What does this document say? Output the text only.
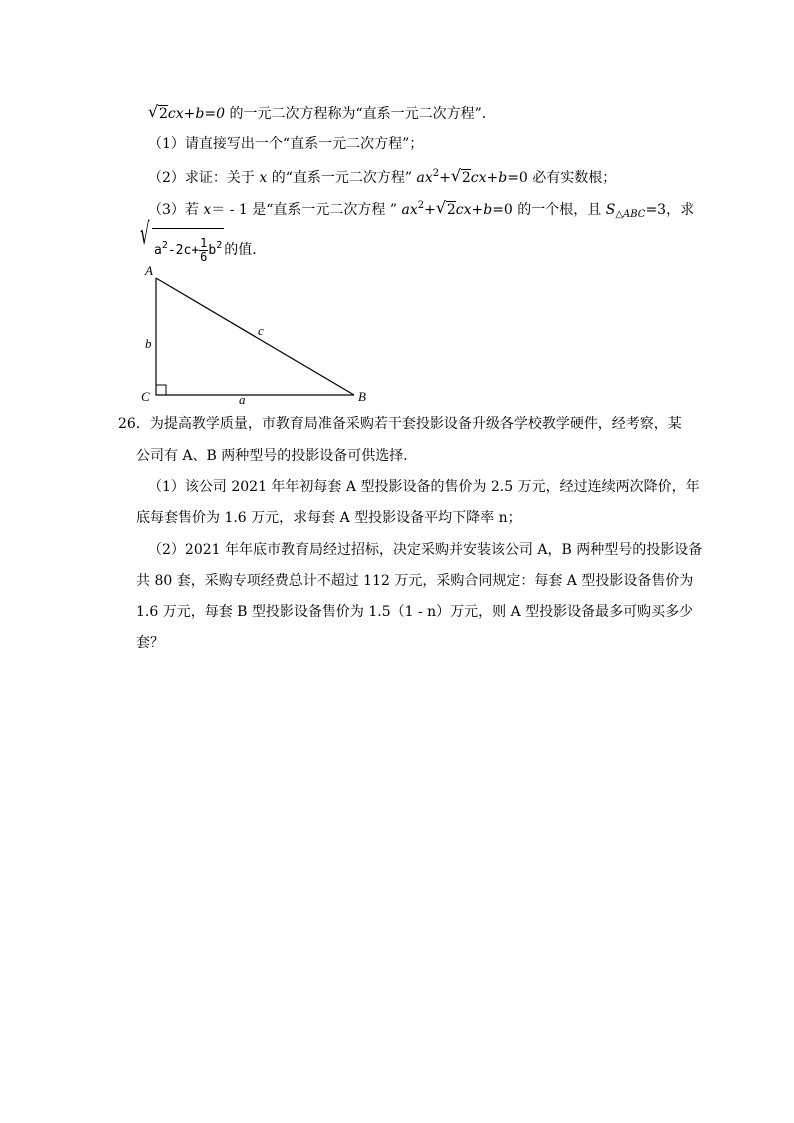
√ 2cx+b=0 的一元二次方程称为“直系一元二次方程”．
（1）请直接写出一个“直系一元二次方程”；
（2）求证：关于 x 的“直系一元二次方程” $ax^2+$ √ 2cx+b=0 必有实数根；
（3）若 x＝ - 1 是“直系一元二次方程 ” $ax^2+$ √ 2cx+b=0 的一个根，且 $S_{\triangle ABC}=3$，求
√ $a^2-2c+ \frac{1}{6} b^2$ 的值．
A
B
C	a
b
c
26．为提高教学质量，市教育局准备采购若干套投影设备升级各学校教学硬件，经考察，某
公司有 A、B 两种型号的投影设备可供选择．
（1）该公司 2021 年年初每套 A 型投影设备的售价为 2.5 万元，经过连续两次降价，年
底每套售价为 1.6 万元，求每套 A 型投影设备平均下降率 n；
（2）2021 年年底市教育局经过招标，决定采购并安装该公司 A，B 两种型号的投影设备
共 80 套，采购专项经费总计不超过 112 万元，采购合同规定：每套 A 型投影设备售价为
1.6 万元，每套 B 型投影设备售价为 1.5（1 - n）万元，则 A 型投影设备最多可购买多少
套？
